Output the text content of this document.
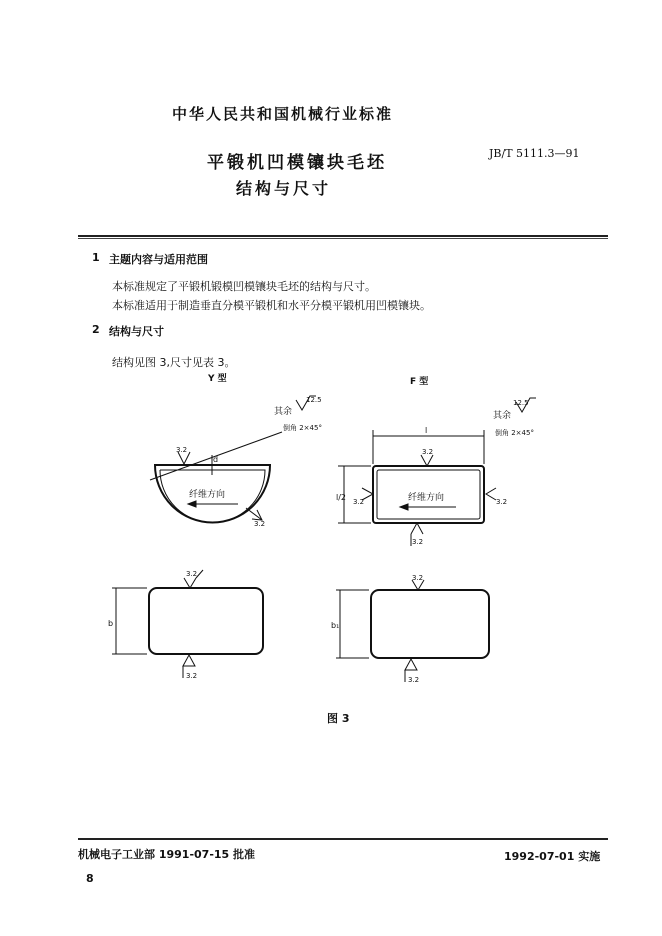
中华人民共和国机械行业标准
平锻机凹模镶块毛坯
结构与尺寸
JB/T 5111.3—91
1 主题内容与适用范围
本标准规定了平锻机锻模凹模镶块毛坯的结构与尺寸。
本标准适用于制造垂直分模平锻机和水平分模平锻机用凹模镶块。
2 结构与尺寸
结构见图 3,尺寸见表 3。
Y 型	F 型
其余
12.5
倒角 2×45°
其余
12.5
倒角 2×45°
3.2
d
纤维方向
3.2
l
3.2
纤维方向
l/2 3.2	3.2
3.2
3.2
3.2
b
3.2
3.2
b₁
图 3
机械电子工业部 1991-07-15 批准	1992-07-01 实施
8
